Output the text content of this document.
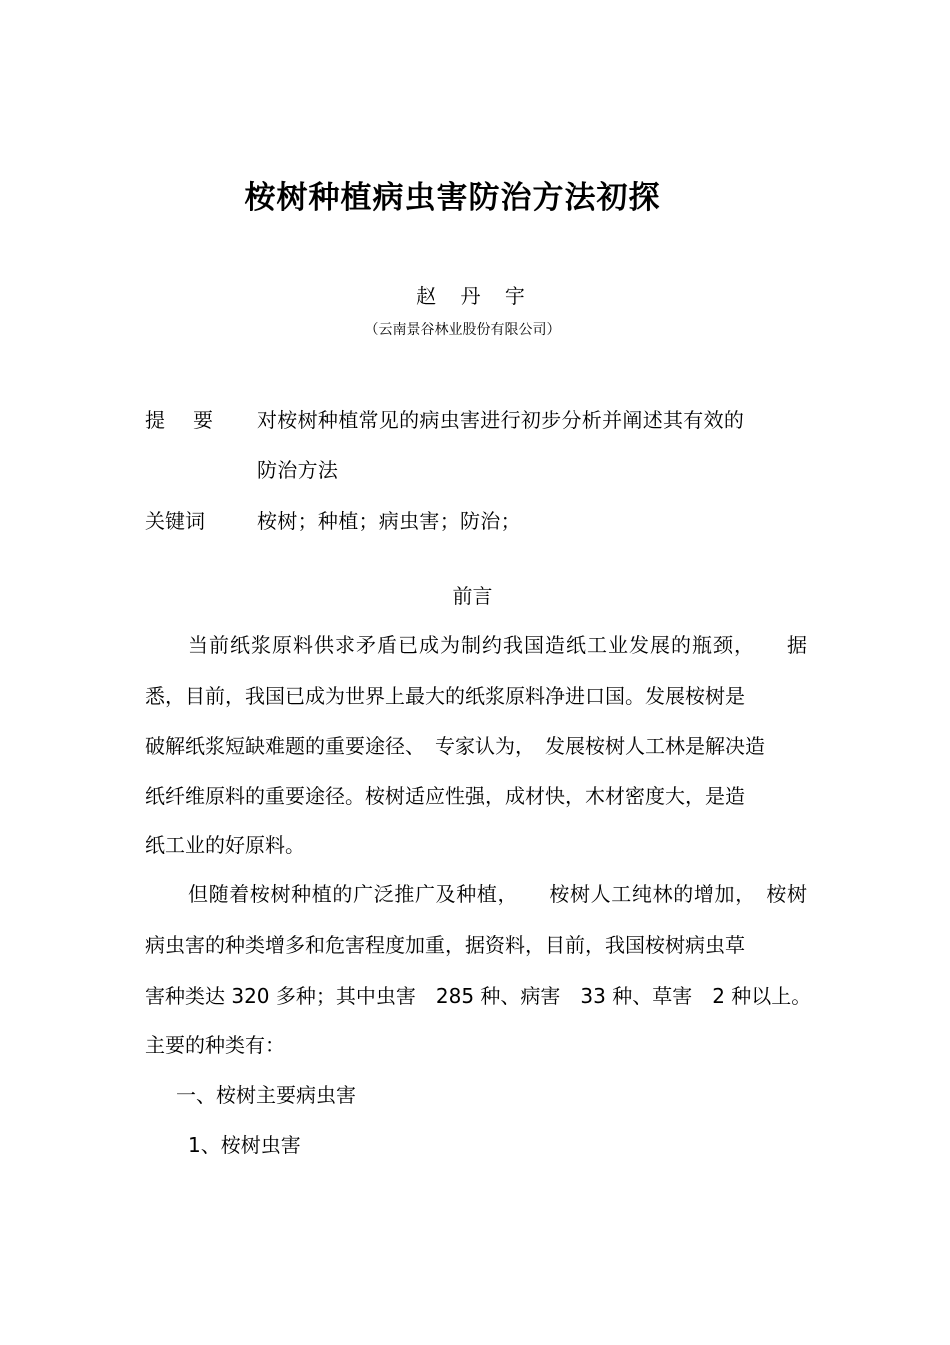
桉树种植病虫害防治方法初探
赵 丹 宇
（云南景谷林业股份有限公司）
提要 对桉树种植常见的病虫害进行初步分析并阐述其有效的
防治方法
关键词	桉树；种植；病虫害；防治；
前言
当前纸浆原料供求矛盾已成为制约我国造纸工业发展的瓶颈，　　据
悉，目前，我国已成为世界上最大的纸浆原料净进口国。发展桉树是
破解纸浆短缺难题的重要途径、　专家认为，　发展桉树人工林是解决造
纸纤维原料的重要途径。桉树适应性强，成材快，木材密度大，是造
纸工业的好原料。
但随着桉树种植的广泛推广及种植，　　桉树人工纯林的增加，　桉树
病虫害的种类增多和危害程度加重，据资料，目前，我国桉树病虫草
害种类达 320 多种；其中虫害　285 种、病害　33 种、草害　2 种以上。
主要的种类有：
一、桉树主要病虫害
1、桉树虫害
